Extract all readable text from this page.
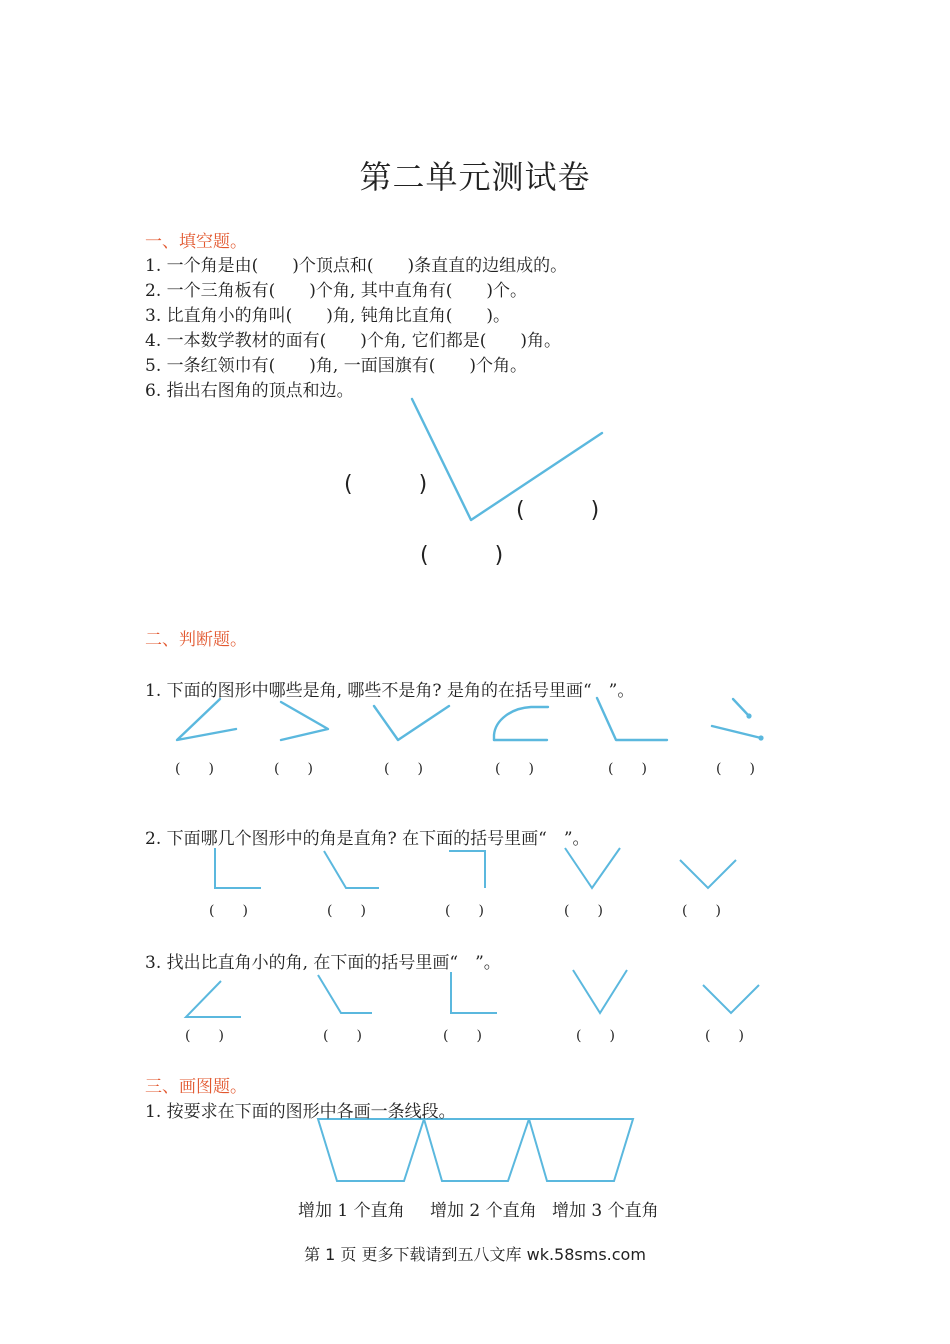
第二单元测试卷
一、填空题。
1. 一个角是由(　　)个顶点和(　　)条直直的边组成的。
2. 一个三角板有(　　)个角, 其中直角有(　　)个。
3. 比直角小的角叫(　　)角, 钝角比直角(　　)。
4. 一本数学教材的面有(　　)个角, 它们都是(　　)角。
5. 一条红领巾有(　　)角, 一面国旗有(　　)个角。
6. 指出右图角的顶点和边。
(　　　)
(　　　)
(　　　)
二、判断题。
1. 下面的图形中哪些是角, 哪些不是角? 是角的在括号里画“　”。
(　　)	(　　)	(　　)	(　　)	(　　)	(　　)
2. 下面哪几个图形中的角是直角? 在下面的括号里画“　”。
(　　)	(　　)	(　　)	(　　)	(　　)
3. 找出比直角小的角, 在下面的括号里画“　”。
(　　)	(　　)	(　　)	(　　)	(　　)
三、画图题。
1. 按要求在下面的图形中各画一条线段。
增加 1 个直角 增加 2 个直角 增加 3 个直角
第 1 页 更多下载请到五八文库 wk.58sms.com
